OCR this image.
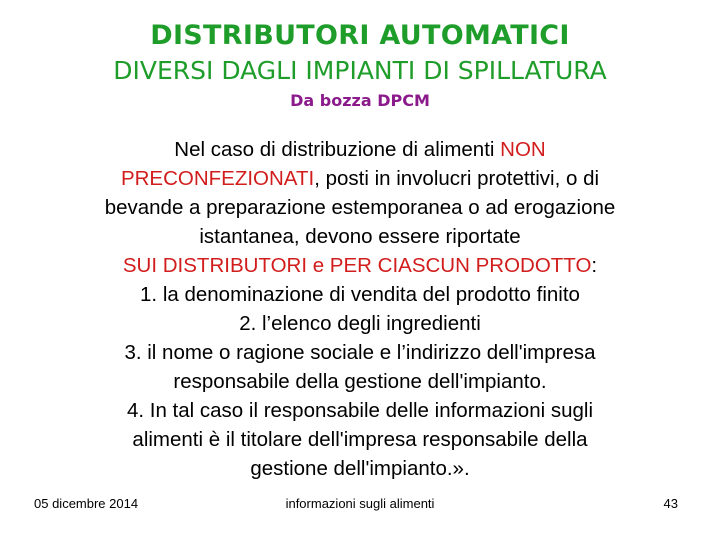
DISTRIBUTORI AUTOMATICI
DIVERSI DAGLI IMPIANTI DI SPILLATURA
Da bozza DPCM
Nel caso di distribuzione di alimenti NON
PRECONFEZIONATI, posti in involucri protettivi, o di
bevande a preparazione estemporanea o ad erogazione
istantanea, devono essere riportate
SUI DISTRIBUTORI e PER CIASCUN PRODOTTO:
1. la denominazione di vendita del prodotto finito
2. l’elenco degli ingredienti
3. il nome o ragione sociale e l’indirizzo dell'impresa
responsabile della gestione dell'impianto.
4. In tal caso il responsabile delle informazioni sugli
alimenti è il titolare dell'impresa responsabile della
gestione dell'impianto.».
05 dicembre 2014	informazioni sugli alimenti	43
